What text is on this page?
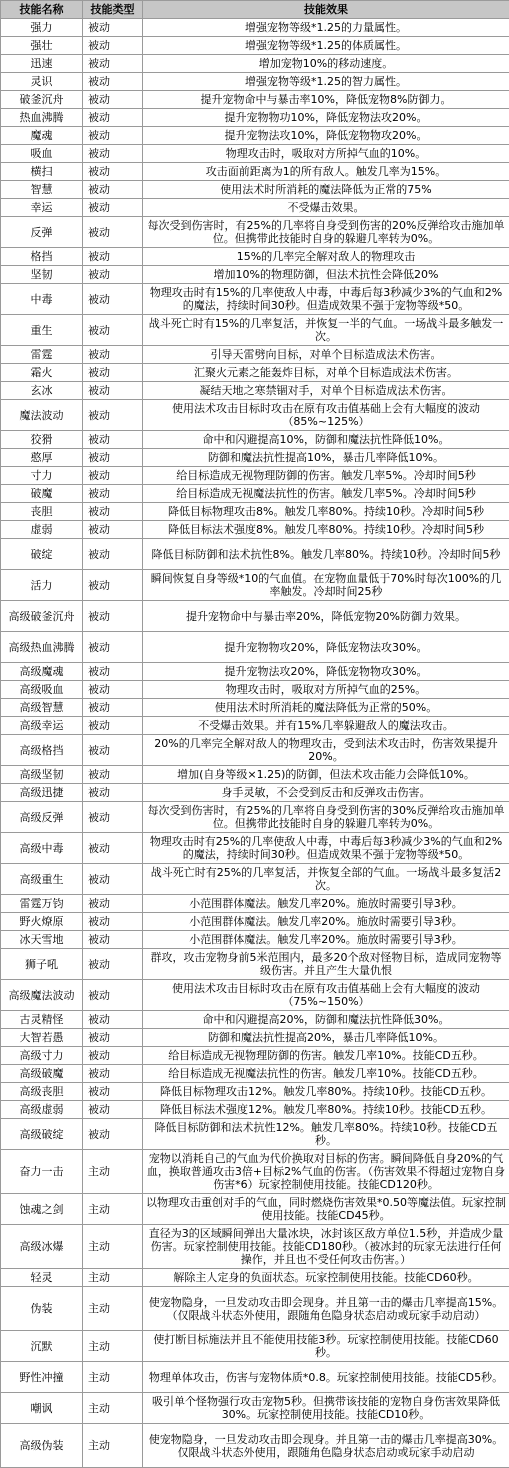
技能名称	技能类型	技能效果
强力	被动	增强宠物等级*1.25的力量属性。
强壮	被动	增强宠物等级*1.25的体质属性。
迅速	被动	增加宠物10%的移动速度。
灵识	被动	增强宠物等级*1.25的智力属性。
破釜沉舟	被动	提升宠物命中与暴击率10%，降低宠物8%防御力。
热血沸腾	被动	提升宠物物功10%，降低宠物法攻20%。
魔魂	被动	提升宠物法攻10%，降低宠物物攻20%。
吸血	被动	物理攻击时，吸取对方所掉气血的10%。
横扫	被动	攻击面前距离为1的所有敌人。触发几率为15%。
智慧	被动	使用法术时所消耗的魔法降低为正常的75%
幸运	被动	不受爆击效果。
反弹	被动	每次受到伤害时，有25%的几率将自身受到伤害的20%反弹给攻击施加单位。但携带此技能时自身的躲避几率转为0%。
格挡	被动	15%的几率完全解对敌人的物理攻击
坚韧	被动	增加10%的物理防御，但法术抗性会降低20%
中毒	被动	物理攻击时有15%的几率使敌人中毒，中毒后每3秒减少3%的气血和2%的魔法，持续时间30秒。但造成效果不强于宠物等级*50。
重生	被动	战斗死亡时有15%的几率复活，并恢复一半的气血。一场战斗最多触发一次。
雷霆	被动	引导天雷劈向目标，对单个目标造成法术伤害。
霜火	被动	汇聚火元素之能轰炸目标，对单个目标造成法术伤害。
玄冰	被动	凝结天地之寒禁锢对手，对单个目标造成法术伤害。
魔法波动	被动	使用法术攻击目标时攻击在原有攻击值基础上会有大幅度的波动（85%~125%）
狡猾	被动	命中和闪避提高10%，防御和魔法抗性降低10%。
憨厚	被动	防御和魔法抗性提高10%，暴击几率降低10%。
寸力	被动	给目标造成无视物理防御的伤害。触发几率5%。冷却时间5秒
破魔	被动	给目标造成无视魔法抗性的伤害。触发几率5%。冷却时间5秒
丧胆	被动	降低目标物理攻击8%。触发几率80%。持续10秒。冷却时间5秒
虚弱	被动	降低目标法术强度8%。触发几率80%。持续10秒。冷却时间5秒
破绽	被动	降低目标防御和法术抗性8%。触发几率80%。持续10秒。冷却时间5秒
活力	被动	瞬间恢复自身等级*10的气血值。在宠物血量低于70%时每次100%的几率触发。冷却时间25秒
高级破釜沉舟	被动	提升宠物命中与暴击率20%，降低宠物20%防御力效果。
高级热血沸腾	被动	提升宠物物攻20%，降低宠物法攻30%。
高级魔魂	被动	提升宠物法攻20%，降低宠物物攻30%。
高级吸血	被动	物理攻击时，吸取对方所掉气血的25%。
高级智慧	被动	使用法术时所消耗的魔法降低为正常的50%。
高级幸运	被动	不受爆击效果。并有15%几率躲避敌人的魔法攻击。
高级格挡	被动	20%的几率完全解对敌人的物理攻击，受到法术攻击时，伤害效果提升20%。
高级坚韧	被动	增加(自身等级×1.25)的防御，但法术攻击能力会降低10%。
高级迅捷	被动	身手灵敏，不会受到反击和反弹攻击伤害。
高级反弹	被动	每次受到伤害时，有25%的几率将自身受到伤害的30%反弹给攻击施加单位。但携带此技能时自身的躲避几率转为0%。
高级中毒	被动	物理攻击时有25%的几率使敌人中毒，中毒后每3秒减少3%的气血和2%的魔法，持续时间30秒。但造成效果不强于宠物等级*50。
高级重生	被动	战斗死亡时有25%的几率复活，并恢复全部的气血。一场战斗最多复活2次。
雷霆万钧	被动	小范围群体魔法。触发几率20%。施放时需要引导3秒。
野火燎原	被动	小范围群体魔法。触发几率20%。施放时需要引导3秒。
冰天雪地	被动	小范围群体魔法。触发几率20%。施放时需要引导3秒。
狮子吼	被动	群攻，攻击宠物身前5米范围内，最多20个敌对怪物目标，造成同宠物等级伤害。并且产生大量仇恨
高级魔法波动	被动	使用法术攻击目标时攻击在原有攻击值基础上会有大幅度的波动（75%~150%）
古灵精怪	被动	命中和闪避提高20%，防御和魔法抗性降低30%。
大智若愚	被动	防御和魔法抗性提高20%，暴击几率降低10%。
高级寸力	被动	给目标造成无视物理防御的伤害。触发几率10%。技能CD五秒。
高级破魔	被动	给目标造成无视魔法抗性的伤害。触发几率10%。技能CD五秒。
高级丧胆	被动	降低目标物理攻击12%。触发几率80%。持续10秒。技能CD五秒。
高级虚弱	被动	降低目标法术强度12%。触发几率80%。持续10秒。技能CD五秒。
高级破绽	被动	降低目标防御和法术抗性12%。触发几率80%。持续10秒。技能CD五秒。
奋力一击	主动	宠物以消耗自己的气血为代价换取对目标的伤害。瞬间降低自身20%的气血，换取普通攻击3倍+目标2%气血的伤害。（伤害效果不得超过宠物自身伤害*6）玩家控制使用技能。技能CD120秒。
蚀魂之剑	主动	以物理攻击重创对手的气血，同时燃烧伤害效果*0.50等魔法值。玩家控制使用技能。技能CD45秒。
高级冰爆	主动	直径为3的区域瞬间弹出大量冰块，冰封该区敌方单位1.5秒，并造成少量伤害。玩家控制使用技能。技能CD180秒。（被冰封的玩家无法进行任何操作，并且也不受任何攻击伤害。）
轻灵	主动	解除主人定身的负面状态。玩家控制使用技能。技能CD60秒。
伪装	主动	使宠物隐身，一旦发动攻击即会现身。并且第一击的爆击几率提高15%。（仅限战斗状态外使用，跟随角色隐身状态启动或玩家手动启动）
沉默	主动	使打断目标施法并且不能使用技能3秒。玩家控制使用技能。技能CD60秒。
野性冲撞	主动	物理单体攻击，伤害与宠物体质*0.8。玩家控制使用技能。技能CD5秒。
嘲讽	主动	吸引单个怪物强行攻击宠物5秒。但携带该技能的宠物自身伤害效果降低30%。玩家控制使用技能。技能CD10秒。
高级伪装	主动	使宠物隐身，一旦发动攻击即会现身。并且第一击的爆击几率提高30%。仅限战斗状态外使用，跟随角色隐身状态启动或玩家手动启动
